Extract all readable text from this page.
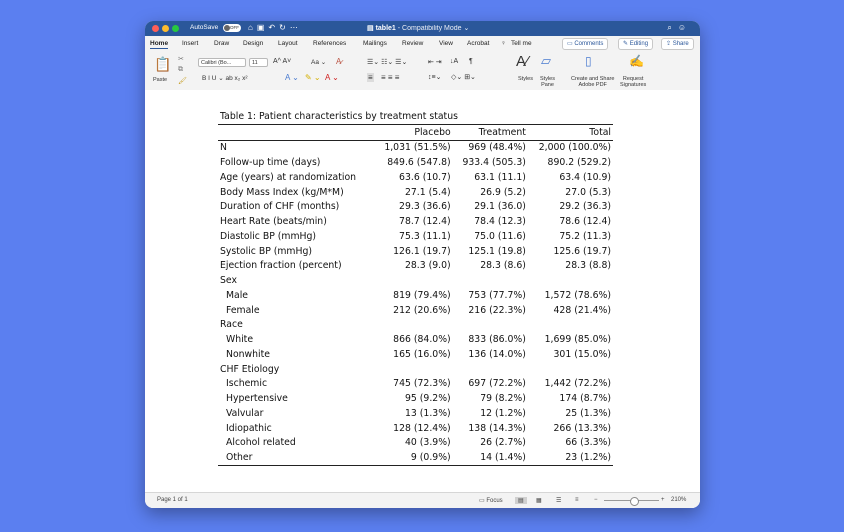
AutoSave	OFF ⌂▣↶↻⋯	▤ table1 - Compatibility Mode ⌄	⌕☺
Home Insert Draw Design Layout References	Mailings Review View Acrobat ♀ Tell me	▭ Comments	✎ Editing	⇪ Share
📋
Paste
✂
⧉
🖌
Calibri (Bo...	11	A^ A˅	Aa ⌄ A̷
B I U ⌄ ab x₂ x²	A ⌄ ✎ ⌄ A ⌄
☰⌄ ☷⌄ ☰⌄	⇤ ⇥ ↓A ¶
≡ ≡ ≡ ≡	↕≡⌄ ◇⌄ ⊞⌄
A⁄ ▱
Styles Styles
Pane
▯
Create and Share
Adobe PDF
✍
Request
Signatures
Table 1: Patient characteristics by treatment status			
	Placebo	Treatment	Total
N	1,031 (51.5%)	969 (48.4%)	2,000 (100.0%)
Follow-up time (days)	849.6 (547.8)	933.4 (505.3)	890.2 (529.2)
Age (years) at randomization	63.6 (10.7)	63.1 (11.1)	63.4 (10.9)
Body Mass Index (kg/M*M)	27.1 (5.4)	26.9 (5.2)	27.0 (5.3)
Duration of CHF (months)	29.3 (36.6)	29.1 (36.0)	29.2 (36.3)
Heart Rate (beats/min)	78.7 (12.4)	78.4 (12.3)	78.6 (12.4)
Diastolic BP (mmHg)	75.3 (11.1)	75.0 (11.6)	75.2 (11.3)
Systolic BP (mmHg)	126.1 (19.7)	125.1 (19.8)	125.6 (19.7)
Ejection fraction (percent)	28.3 (9.0)	28.3 (8.6)	28.3 (8.8)
Sex			
Male	819 (79.4%)	753 (77.7%)	1,572 (78.6%)
Female	212 (20.6%)	216 (22.3%)	428 (21.4%)
Race			
White	866 (84.0%)	833 (86.0%)	1,699 (85.0%)
Nonwhite	165 (16.0%)	136 (14.0%)	301 (15.0%)
CHF Etiology			
Ischemic	745 (72.3%)	697 (72.2%)	1,442 (72.2%)
Hypertensive	95 (9.2%)	79 (8.2%)	174 (8.7%)
Valvular	13 (1.3%)	12 (1.2%)	25 (1.3%)
Idiopathic	128 (12.4%)	138 (14.3%)	266 (13.3%)
Alcohol related	40 (3.9%)	26 (2.7%)	66 (3.3%)
Other	9 (0.9%)	14 (1.4%)	23 (1.2%)
Page 1 of 1	▭ Focus	▤	▦ ☰ ≡	−	+ 210%
